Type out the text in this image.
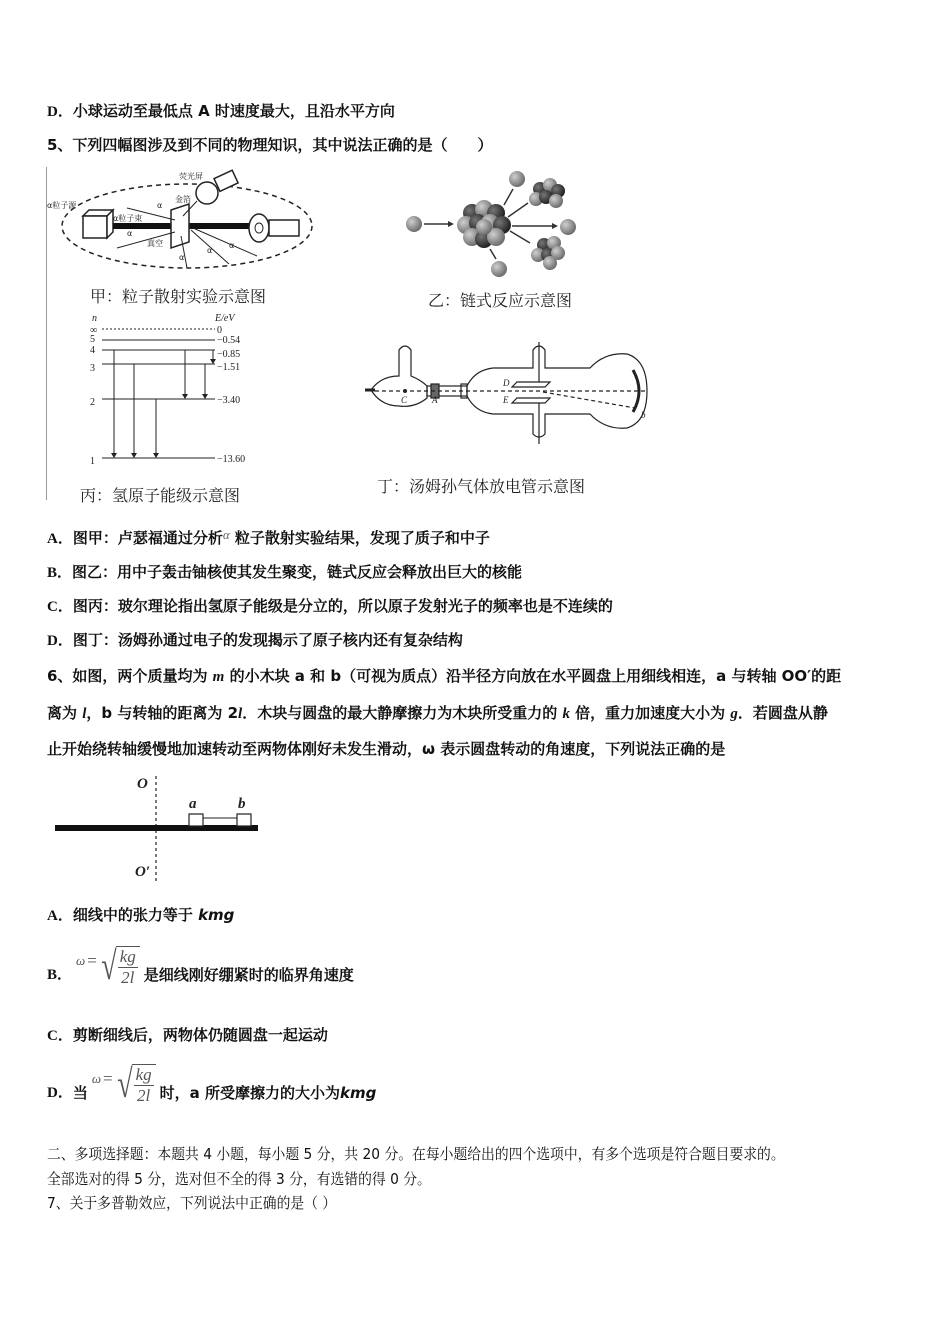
D．小球运动至最低点 A 时速度最大，且沿水平方向
5、下列四幅图涉及到不同的物理知识，其中说法正确的是（　　）
α粒子源
α粒子束
金箔
荧光屏
真空
α
α
α
α
α
甲：粒子散射实验示意图	乙：链式反应示意图
n	E/eV
∞
5
4
3
2
1
0
−0.54
−0.85
−1.51
−3.40
−13.60
丙：氢原子能级示意图
C	A
D
E
b
丁：汤姆孙气体放电管示意图
A．图甲：卢瑟福通过分析α 粒子散射实验结果，发现了质子和中子
B．图乙：用中子轰击铀核使其发生聚变，链式反应会释放出巨大的核能
C．图丙：玻尔理论指出氢原子能级是分立的，所以原子发射光子的频率也是不连续的
D．图丁：汤姆孙通过电子的发现揭示了原子核内还有复杂结构
6、如图，两个质量均为 m 的小木块 a 和 b（可视为质点）沿半径方向放在水平圆盘上用细线相连，a 与转轴 OO′的距
离为 l，b 与转轴的距离为 2l．木块与圆盘的最大静摩擦力为木块所受重力的 k 倍，重力加速度大小为 g．若圆盘从静
止开始绕转轴缓慢地加速转动至两物体刚好未发生滑动，ω 表示圆盘转动的角速度，下列说法正确的是
O
O′
a	b
A．细线中的张力等于 kmg
B．
ω = √ $\frac{kg}{2l}$ 是细线刚好绷紧时的临界角速度
C．剪断细线后，两物体仍随圆盘一起运动
D． 当
ω = √ $\frac{kg}{2l}$ 时，a 所受摩擦力的大小为 kmg
二、多项选择题：本题共 4 小题，每小题 5 分，共 20 分。在每小题给出的四个选项中，有多个选项是符合题目要求的。
全部选对的得 5 分，选对但不全的得 3 分，有选错的得 0 分。
7、关于多普勒效应，下列说法中正确的是（ ）
